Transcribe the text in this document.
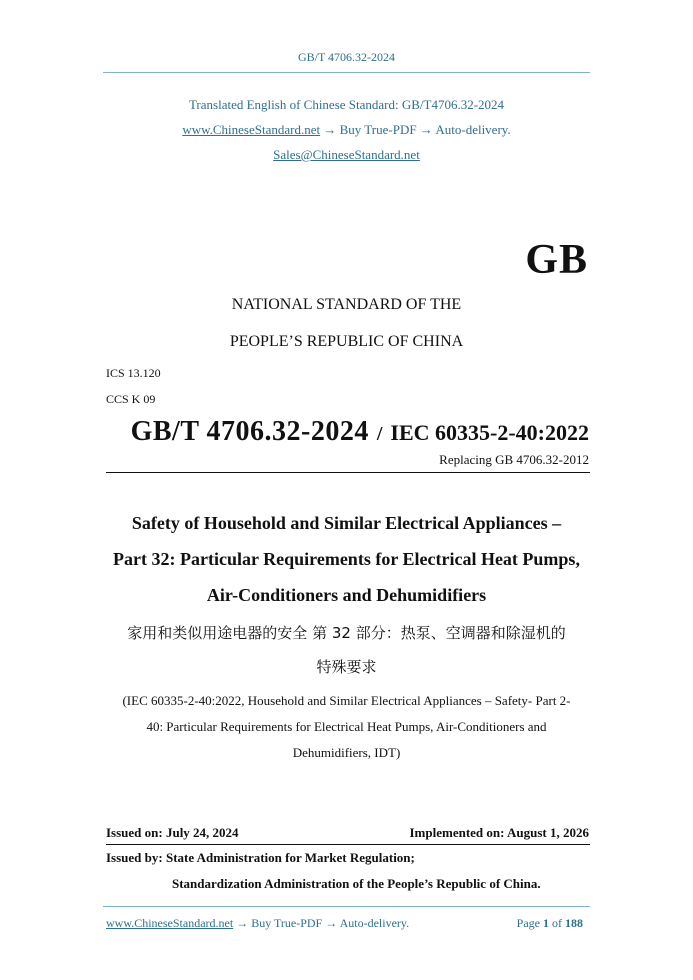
GB/T 4706.32-2024
Translated English of Chinese Standard: GB/T4706.32-2024
www.ChineseStandard.net → Buy True-PDF → Auto-delivery.
Sales@ChineseStandard.net
GB
NATIONAL STANDARD OF THE
PEOPLE’S REPUBLIC OF CHINA
ICS 13.120
CCS K 09
GB/T 4706.32-2024 / IEC 60335-2-40:2022
Replacing GB 4706.32-2012
Safety of Household and Similar Electrical Appliances –
Part 32: Particular Requirements for Electrical Heat Pumps,
Air-Conditioners and Dehumidifiers
家用和类似用途电器的安全 第 32 部分：热泵、空调器和除湿机的
特殊要求
(IEC 60335-2-40:2022, Household and Similar Electrical Appliances – Safety- Part 2-
40: Particular Requirements for Electrical Heat Pumps, Air-Conditioners and
Dehumidifiers, IDT)
Issued on: July 24, 2024	Implemented on: August 1, 2026
Issued by: State Administration for Market Regulation;
Standardization Administration of the People’s Republic of China.
www.ChineseStandard.net → Buy True-PDF → Auto-delivery.	Page 1 of 188
